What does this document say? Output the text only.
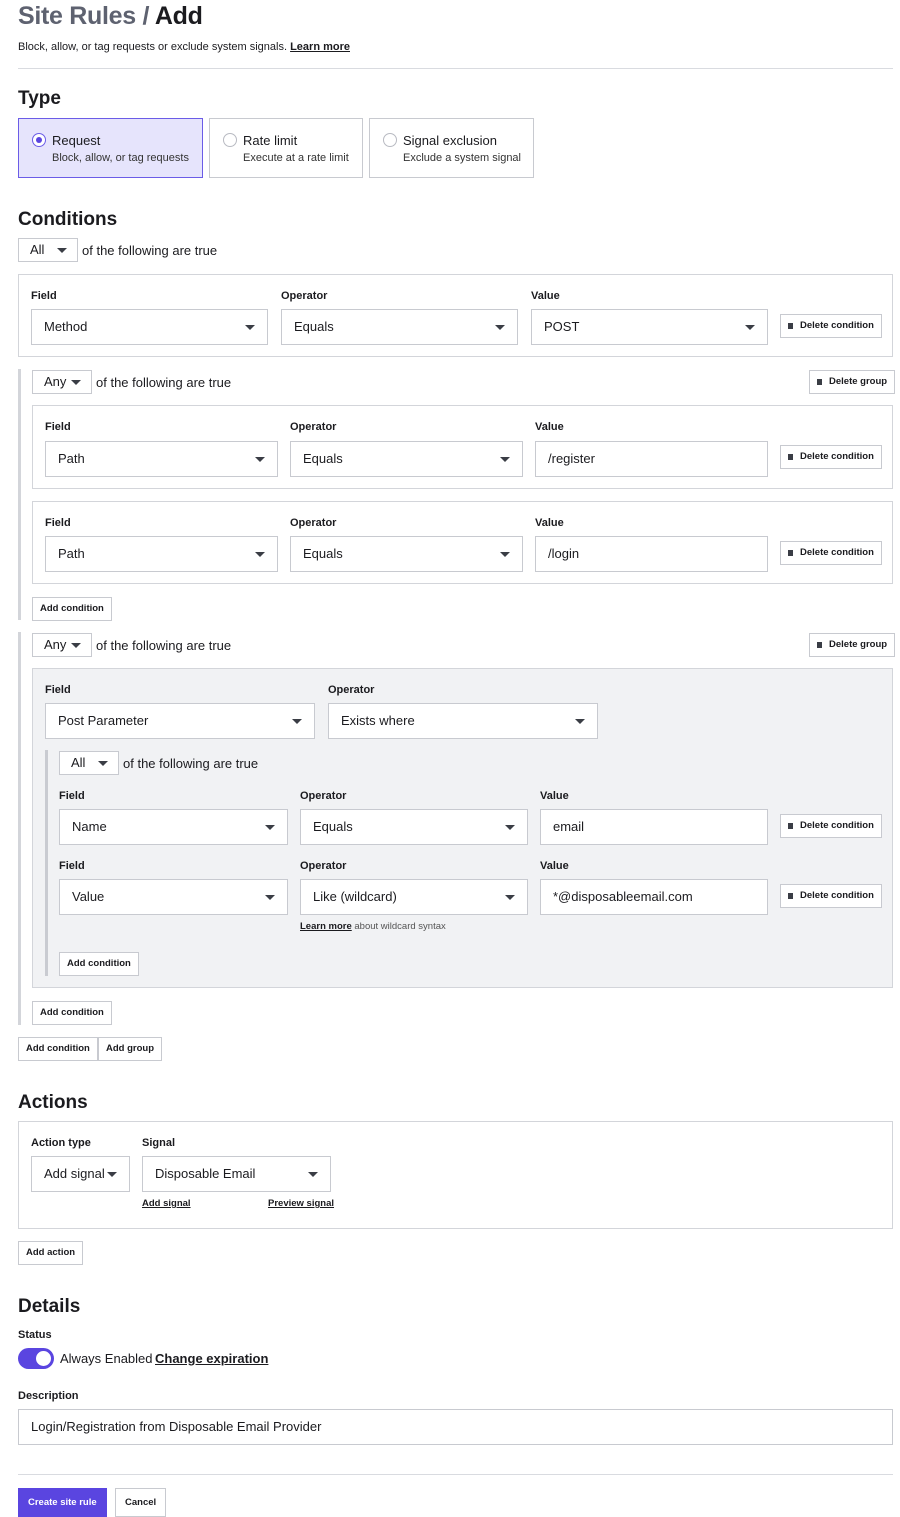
Site Rules / Add
Block, allow, or tag requests or exclude system signals. Learn more
Type
Request
Block, allow, or tag requests
Rate limit
Execute at a rate limit
Signal exclusion
Exclude a system signal
Conditions
All	of the following are true
Field	Operator	Value
Method	Equals	POST	Delete condition
Any	of the following are true	Delete group
Field	Operator	Value
Path	Equals	/register	Delete condition
Field	Operator	Value
Path	Equals	/login	Delete condition
Add condition
Any	of the following are true	Delete group
Field	Operator
Post Parameter	Exists where
All	of the following are true
Field	Operator	Value
Name	Equals	email	Delete condition
Field	Operator	Value
Value	Like (wildcard)	*@disposableemail.com	Delete condition
Learn more about wildcard syntax
Add condition
Add condition
Add condition	Add group
Actions
Action type	Signal
Add signal	Disposable Email
Add signal	Preview signal
Add action
Details
Status
Always Enabled Change expiration
Description
Login/Registration from Disposable Email Provider
Create site rule	Cancel
